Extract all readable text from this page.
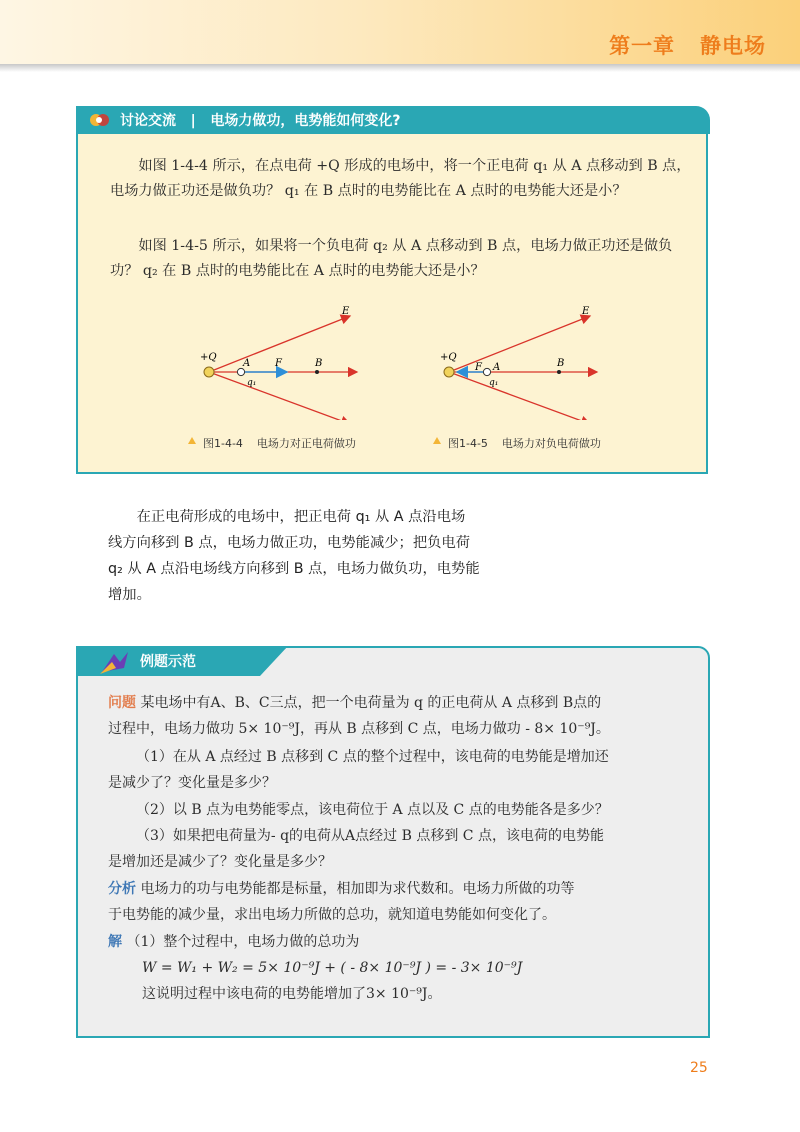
第一章   静电场
讨论交流 | 电场力做功，电势能如何变化?
如图 1-4-4 所示，在点电荷 +Q 形成的电场中，将一个正电荷 q₁ 从 A 点移动到 B 点，电场力做正功还是做负功？ q₁ 在 B 点时的电势能比在 A 点时的电势能大还是小？
如图 1-4-5 所示，如果将一个负电荷 q₂ 从 A 点移动到 B 点，电场力做正功还是做负功？ q₂ 在 B 点时的电势能比在 A 点时的电势能大还是小？
+Q
E
A	B
F
q₁
+Q
E
A	B
F
q₁
图1-4-4    电场力对正电荷做功	图1-4-5    电场力对负电荷做功
在正电荷形成的电场中，把正电荷 q₁ 从 A 点沿电场
线方向移到 B 点，电场力做正功，电势能减少；把负电荷
q₂ 从 A 点沿电场线方向移到 B 点，电场力做负功，电势能
增加。
例题示范
问题 某电场中有A、B、C三点，把一个电荷量为 q 的正电荷从 A 点移到 B点的
过程中，电场力做功 5× 10⁻⁹J，再从 B 点移到 C 点，电场力做功 - 8× 10⁻⁹J。
（1）在从 A 点经过 B 点移到 C 点的整个过程中，该电荷的电势能是增加还
是减少了？变化量是多少？
（2）以 B 点为电势能零点，该电荷位于 A 点以及 C 点的电势能各是多少？
（3）如果把电荷量为- q的电荷从A点经过 B 点移到 C 点，该电荷的电势能
是增加还是减少了？变化量是多少？
分析 电场力的功与电势能都是标量，相加即为求代数和。电场力所做的功等
于电势能的减少量，求出电场力所做的总功，就知道电势能如何变化了。
解 （1）整个过程中，电场力做的总功为
W = W₁ + W₂ = 5× 10⁻⁹J + ( - 8× 10⁻⁹J ) = - 3× 10⁻⁹J
这说明过程中该电荷的电势能增加了3× 10⁻⁹J。
25
